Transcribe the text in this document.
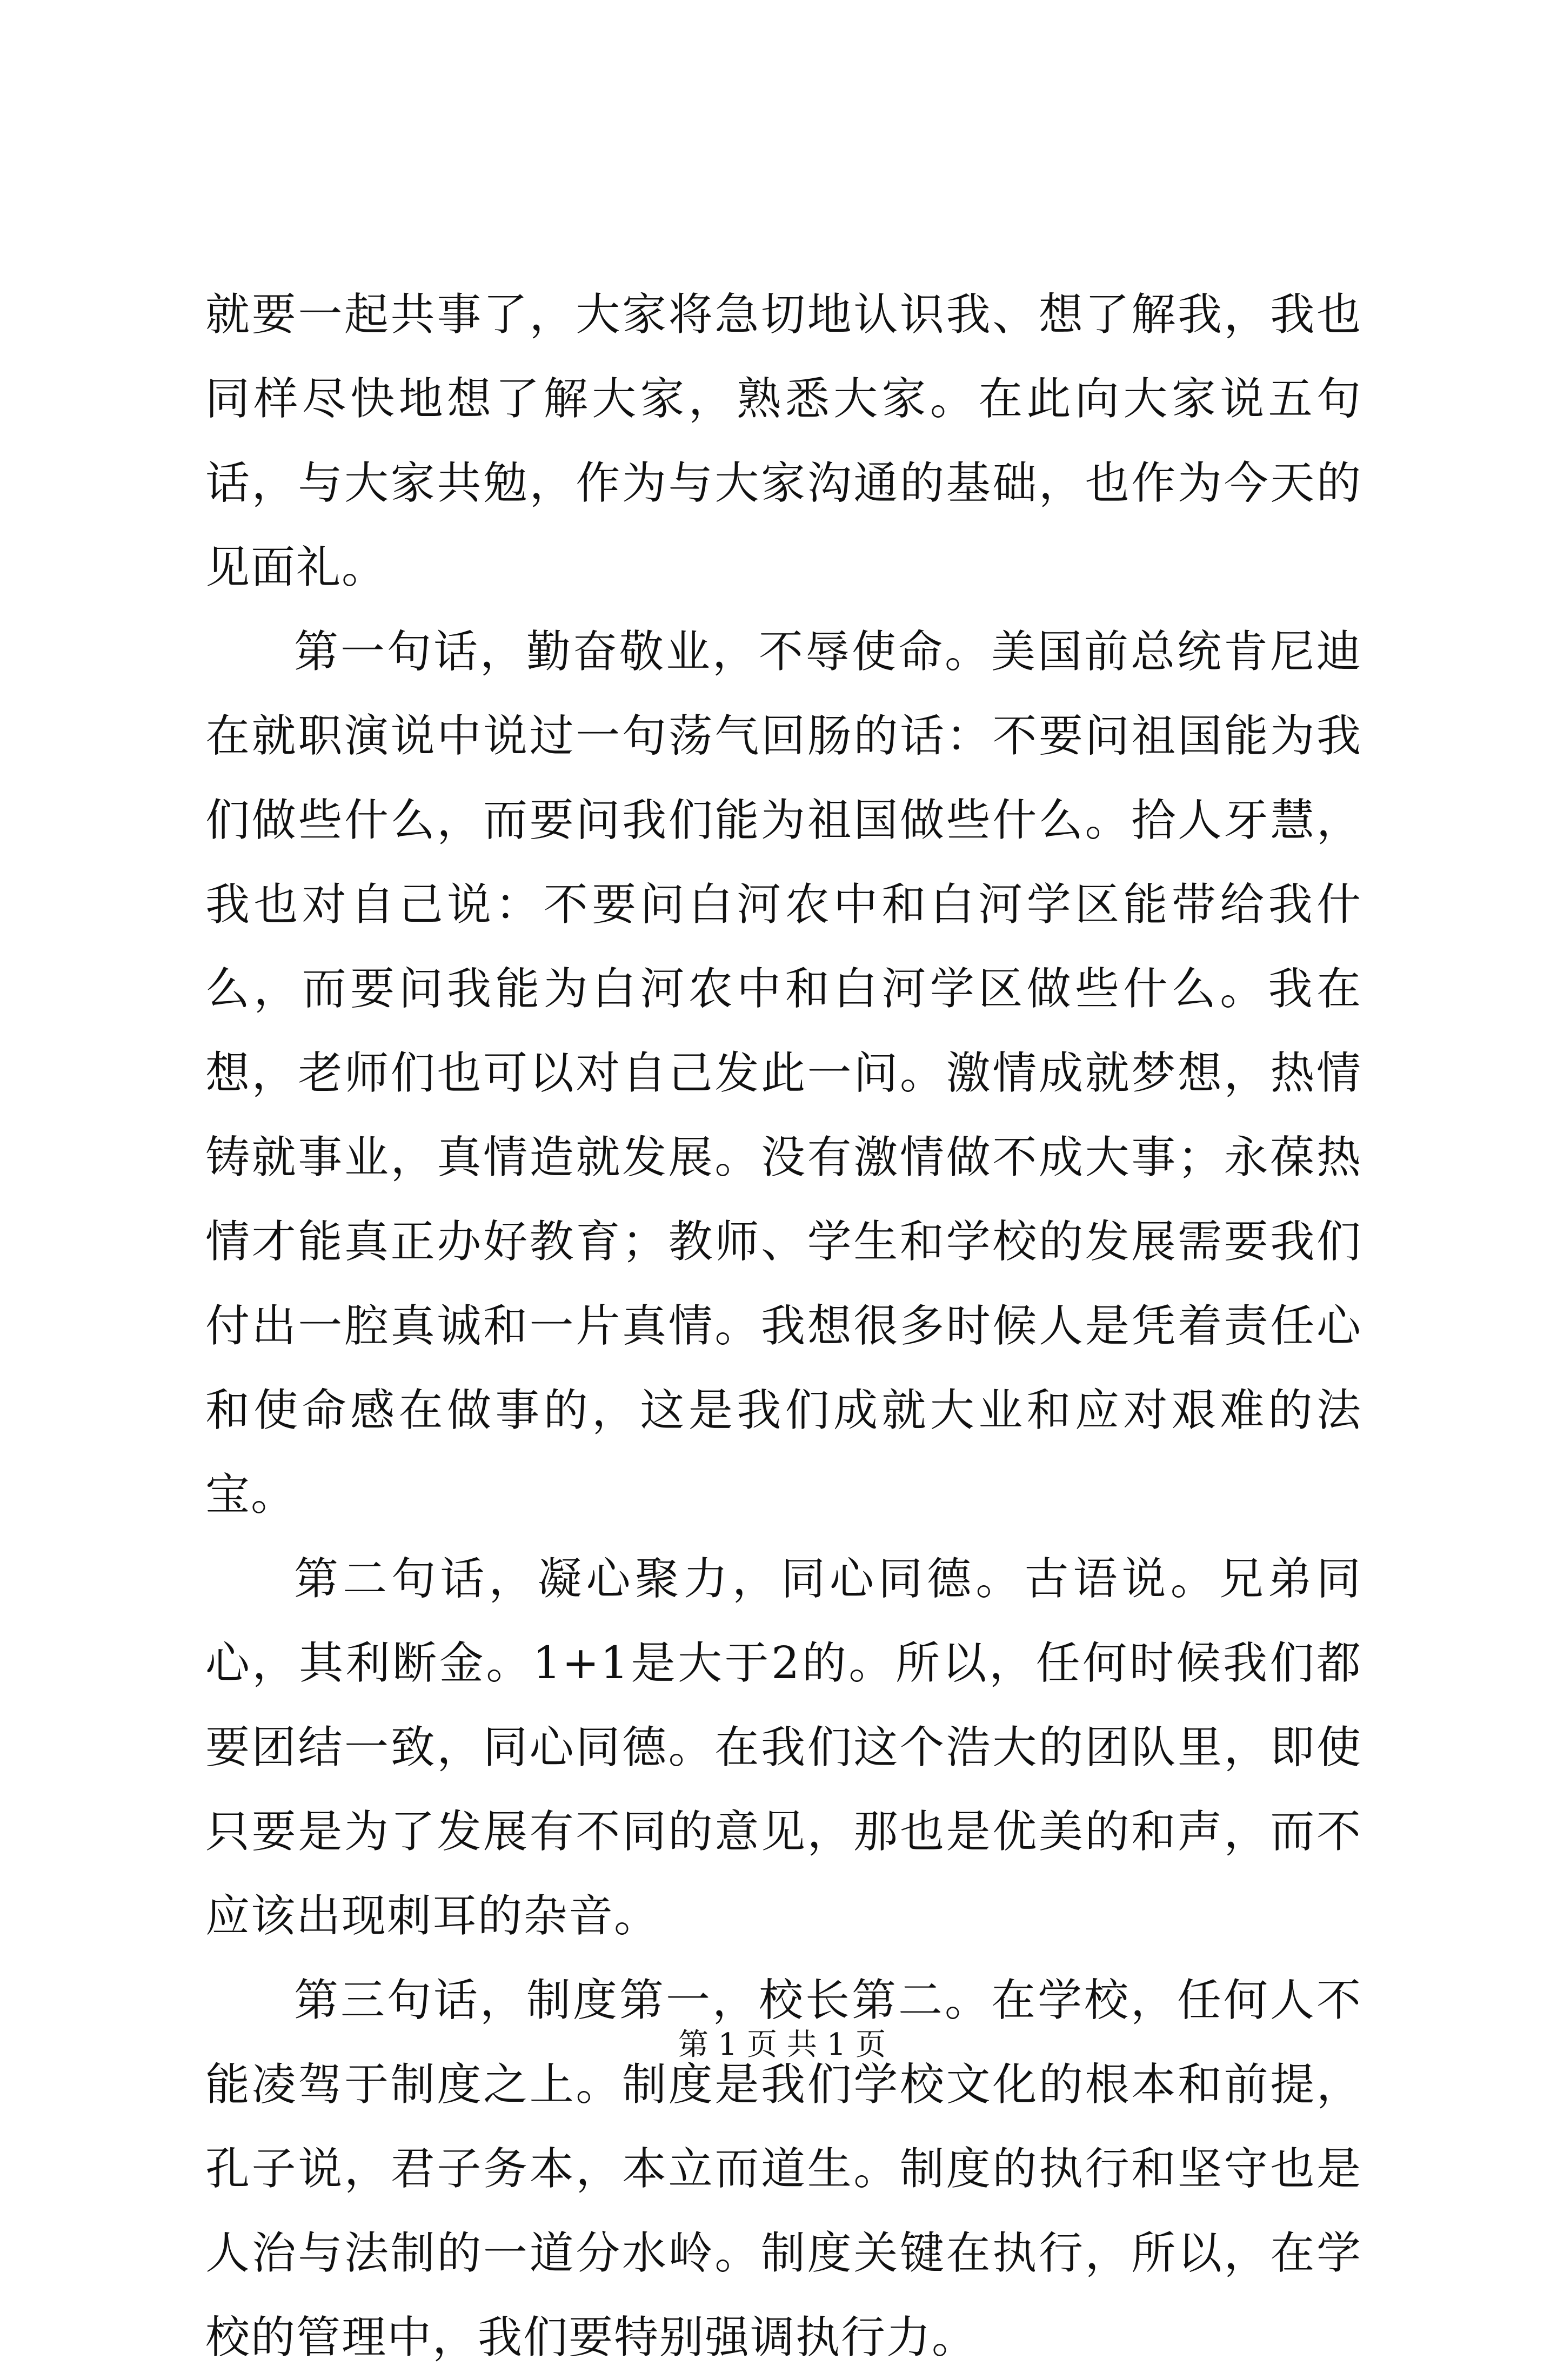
就要一起共事了，大家将急切地认识我、想了解我，我也同样尽快地想了解大家，熟悉大家。在此向大家说五句话，与大家共勉，作为与大家沟通的基础，也作为今天的见面礼。

第一句话，勤奋敬业，不辱使命。美国前总统肯尼迪在就职演说中说过一句荡气回肠的话：不要问祖国能为我们做些什么，而要问我们能为祖国做些什么。拾人牙慧，我也对自己说：不要问白河农中和白河学区能带给我什么，而要问我能为白河农中和白河学区做些什么。我在想，老师们也可以对自己发此一问。激情成就梦想，热情铸就事业，真情造就发展。没有激情做不成大事；永葆热情才能真正办好教育；教师、学生和学校的发展需要我们付出一腔真诚和一片真情。我想很多时候人是凭着责任心和使命感在做事的，这是我们成就大业和应对艰难的法宝。

第二句话，凝心聚力，同心同德。古语说。兄弟同心，其利断金。1+1是大于2的。所以，任何时候我们都要团结一致，同心同德。在我们这个浩大的团队里，即使只要是为了发展有不同的意见，那也是优美的和声，而不应该出现刺耳的杂音。

第三句话，制度第一，校长第二。在学校，任何人不能凌驾于制度之上。制度是我们学校文化的根本和前提，孔子说，君子务本，本立而道生。制度的执行和坚守也是人治与法制的一道分水岭。制度关键在执行，所以，在学校的管理中，我们要特别强调执行力。

第 1 页 共 1 页
